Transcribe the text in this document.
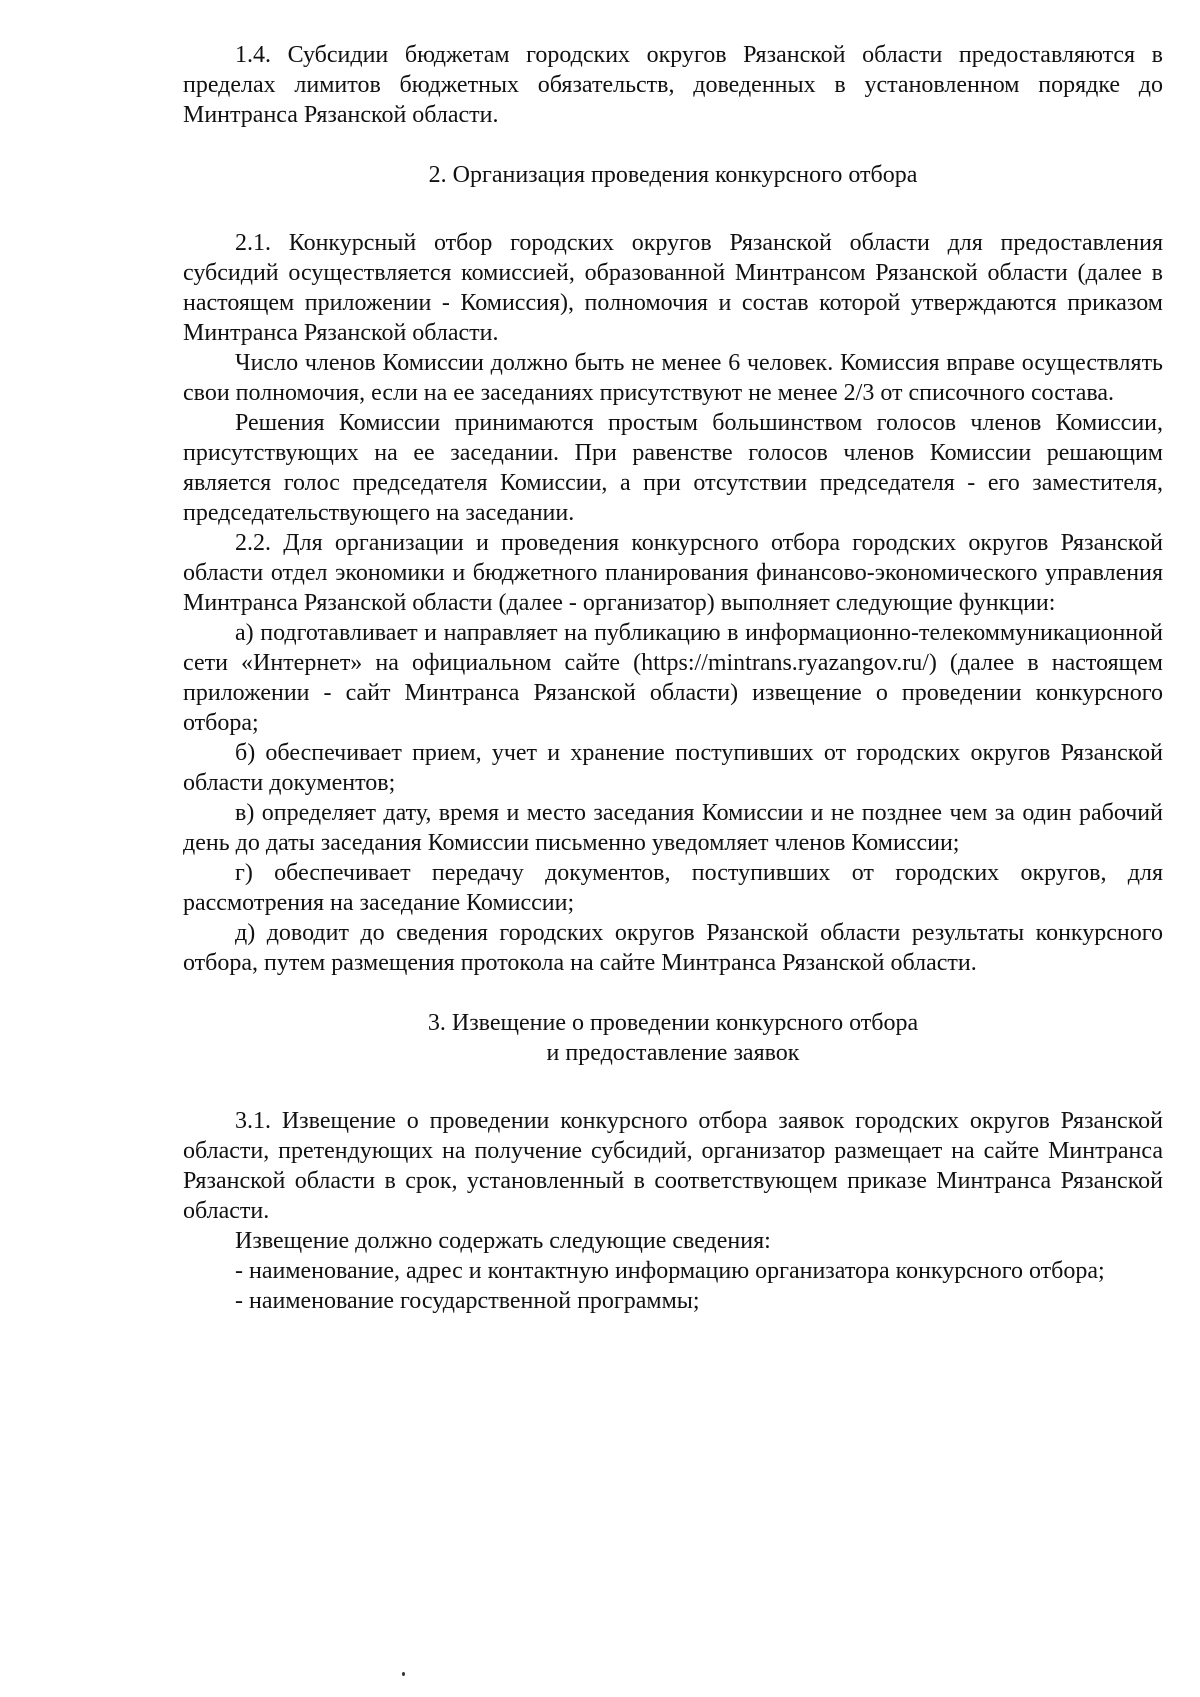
1.4. Субсидии бюджетам городских округов Рязанской области предоставляются в пределах лимитов бюджетных обязательств, доведенных в установленном порядке до Минтранса Рязанской области.

2. Организация проведения конкурсного отбора

2.1. Конкурсный отбор городских округов Рязанской области для предоставления субсидий осуществляется комиссией, образованной Минтрансом Рязанской области (далее в настоящем приложении - Комиссия), полномочия и состав которой утверждаются приказом Минтранса Рязанской области.

Число членов Комиссии должно быть не менее 6 человек. Комиссия вправе осуществлять свои полномочия, если на ее заседаниях присутствуют не менее 2/3 от списочного состава.

Решения Комиссии принимаются простым большинством голосов членов Комиссии, присутствующих на ее заседании. При равенстве голосов членов Комиссии решающим является голос председателя Комиссии, а при отсутствии председателя - его заместителя, председательствующего на заседании.

2.2. Для организации и проведения конкурсного отбора городских округов Рязанской области отдел экономики и бюджетного планирования финансово-экономического управления Минтранса Рязанской области (далее - организатор) выполняет следующие функции:

а) подготавливает и направляет на публикацию в информационно-телекоммуникационной сети «Интернет» на официальном сайте (https://mintrans.ryazangov.ru/) (далее в настоящем приложении - сайт Минтранса Рязанской области) извещение о проведении конкурсного отбора;

б) обеспечивает прием, учет и хранение поступивших от городских округов Рязанской области документов;

в) определяет дату, время и место заседания Комиссии и не позднее чем за один рабочий день до даты заседания Комиссии письменно уведомляет членов Комиссии;

г) обеспечивает передачу документов, поступивших от городских округов, для рассмотрения на заседание Комиссии;

д) доводит до сведения городских округов Рязанской области результаты конкурсного отбора, путем размещения протокола на сайте Минтранса Рязанской области.

3. Извещение о проведении конкурсного отбора

и предоставление заявок

3.1. Извещение о проведении конкурсного отбора заявок городских округов Рязанской области, претендующих на получение субсидий, организатор размещает на сайте Минтранса Рязанской области в срок, установленный в соответствующем приказе Минтранса Рязанской области.

Извещение должно содержать следующие сведения:

- наименование, адрес и контактную информацию организатора конкурсного отбора;

- наименование государственной программы;
